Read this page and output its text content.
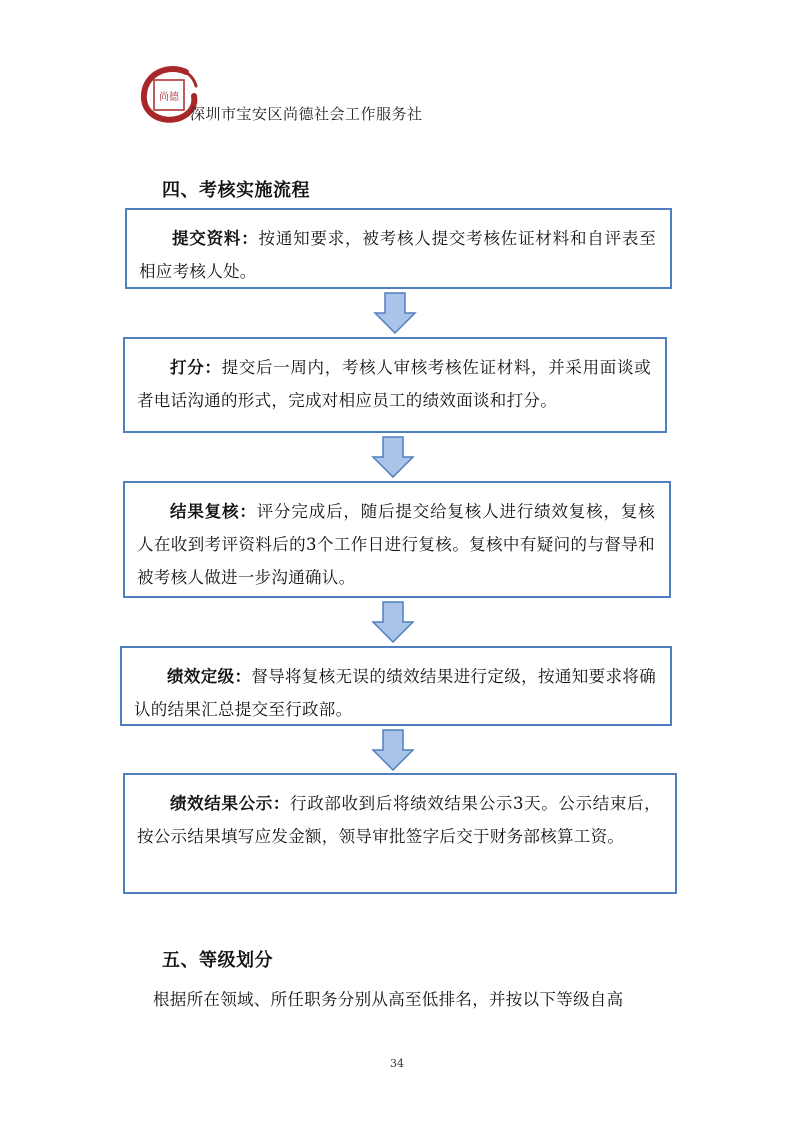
尚德
深圳市宝安区尚德社会工作服务社
四、考核实施流程
提交资料：按通知要求，被考核人提交考核佐证材料和自评表至相应考核人处。
打分：提交后一周内，考核人审核考核佐证材料，并采用面谈或者电话沟通的形式，完成对相应员工的绩效面谈和打分。
结果复核：评分完成后，随后提交给复核人进行绩效复核，复核人在收到考评资料后的3个工作日进行复核。复核中有疑问的与督导和被考核人做进一步沟通确认。
绩效定级：督导将复核无误的绩效结果进行定级，按通知要求将确认的结果汇总提交至行政部。
绩效结果公示：行政部收到后将绩效结果公示3天。公示结束后，按公示结果填写应发金额，领导审批签字后交于财务部核算工资。
五、等级划分
根据所在领域、所任职务分别从高至低排名，并按以下等级自高
34
